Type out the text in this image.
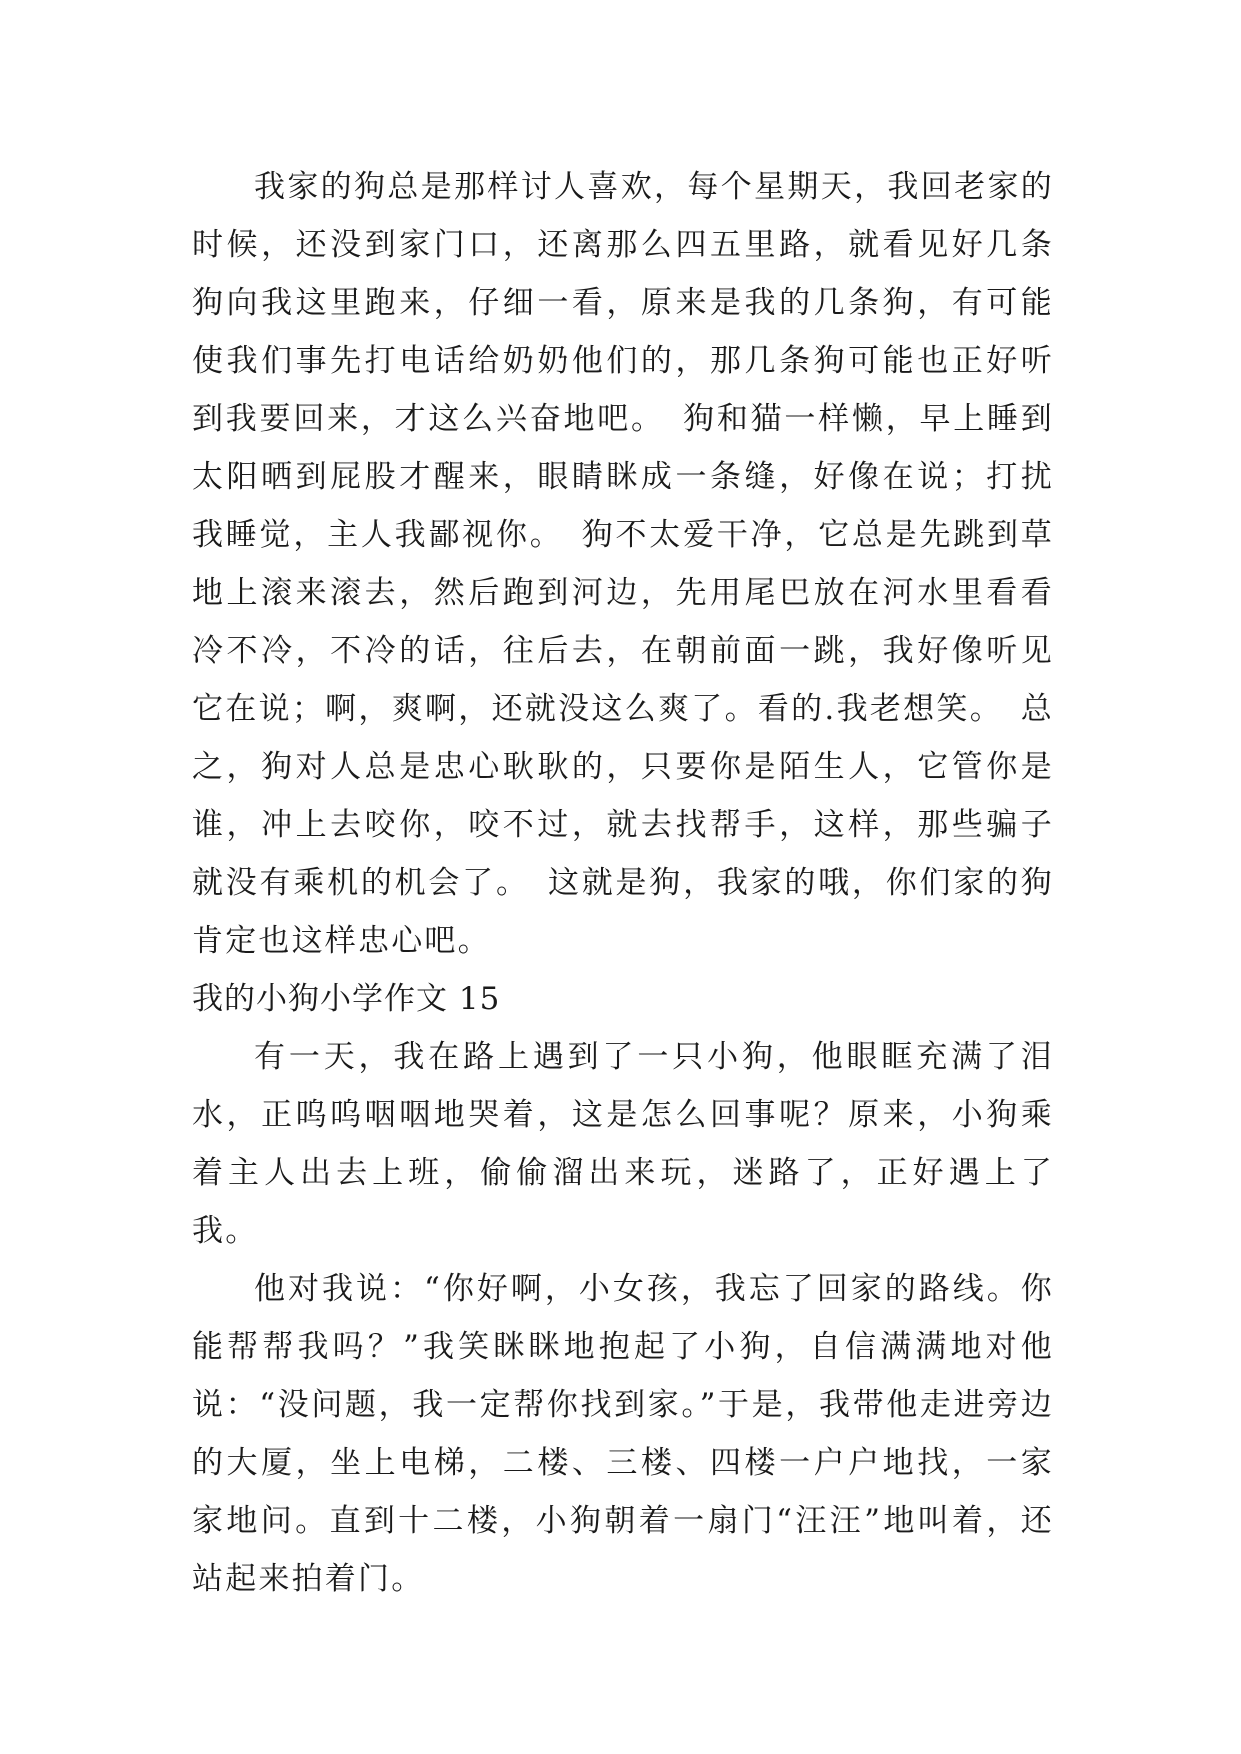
我家的狗总是那样讨人喜欢，每个星期天，我回老家的时候，还没到家门口，还离那么四五里路，就看见好几条狗向我这里跑来，仔细一看，原来是我的几条狗，有可能使我们事先打电话给奶奶他们的，那几条狗可能也正好听到我要回来，才这么兴奋地吧。　狗和猫一样懒，早上睡到太阳晒到屁股才醒来，眼睛眯成一条缝，好像在说；打扰我睡觉，主人我鄙视你。　狗不太爱干净，它总是先跳到草地上滚来滚去，然后跑到河边，先用尾巴放在河水里看看冷不冷，不冷的话，往后去，在朝前面一跳，我好像听见它在说；啊，爽啊，还就没这么爽了。看的.我老想笑。　总之，狗对人总是忠心耿耿的，只要你是陌生人，它管你是谁，冲上去咬你，咬不过，就去找帮手，这样，那些骗子就没有乘机的机会了。　这就是狗，我家的哦，你们家的狗肯定也这样忠心吧。

我的小狗小学作文 15

有一天，我在路上遇到了一只小狗，他眼眶充满了泪水，正呜呜咽咽地哭着，这是怎么回事呢？原来，小狗乘着主人出去上班，偷偷溜出来玩，迷路了，正好遇上了我。

他对我说：“你好啊，小女孩，我忘了回家的路线。你能帮帮我吗？”我笑眯眯地抱起了小狗，自信满满地对他说：“没问题，我一定帮你找到家。”于是，我带他走进旁边的大厦，坐上电梯，二楼、三楼、四楼一户户地找，一家家地问。直到十二楼，小狗朝着一扇门“汪汪”地叫着，还站起来拍着门。
